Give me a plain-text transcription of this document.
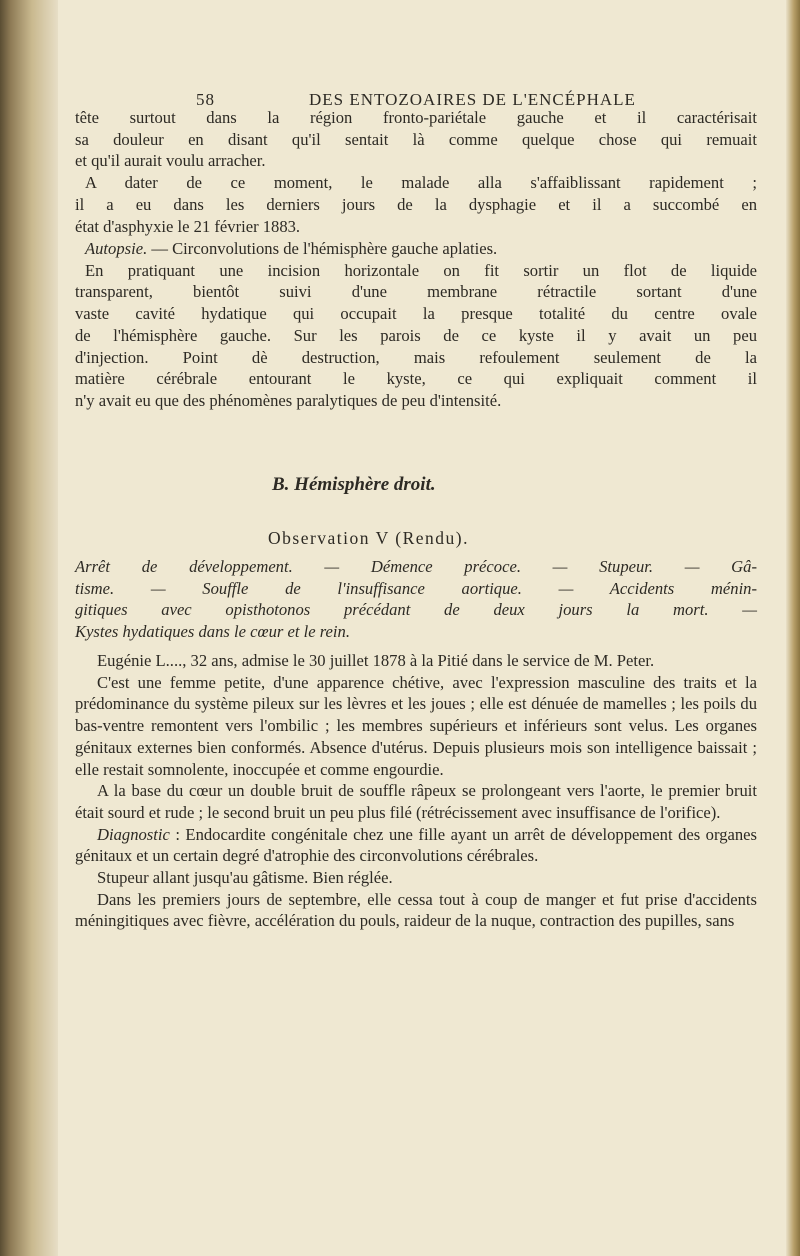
58	DES ENTOZOAIRES DE L'ENCÉPHALE
tête surtout dans la région fronto-pariétale gauche et il caractérisait
sa douleur en disant qu'il sentait là comme quelque chose qui remuait
et qu'il aurait voulu arracher.
A dater de ce moment, le malade alla s'affaiblissant rapidement ;
il a eu dans les derniers jours de la dysphagie et il a succombé en
état d'asphyxie le 21 février 1883.
Autopsie. — Circonvolutions de l'hémisphère gauche aplaties.
En pratiquant une incision horizontale on fit sortir un flot de liquide
transparent, bientôt suivi d'une membrane rétractile sortant d'une
vaste cavité hydatique qui occupait la presque totalité du centre ovale
de l'hémisphère gauche. Sur les parois de ce kyste il y avait un peu
d'injection. Point dè destruction, mais refoulement seulement de la
matière cérébrale entourant le kyste, ce qui expliquait comment il
n'y avait eu que des phénomènes paralytiques de peu d'intensité.
B. Hémisphère droit.
Observation V (Rendu).
Arrêt de développement. — Démence précoce. — Stupeur. — Gâ-
tisme. — Souffle de l'insuffisance aortique. — Accidents ménin-
gitiques avec opisthotonos précédant de deux jours la mort. —
Kystes hydatiques dans le cœur et le rein.

Eugénie L...., 32 ans, admise le 30 juillet 1878 à la Pitié dans le service de M. Peter.

C'est une femme petite, d'une apparence chétive, avec l'expression masculine des traits et la prédominance du système pileux sur les lèvres et les joues ; elle est dénuée de mamelles ; les poils du bas-ventre remontent vers l'ombilic ; les membres supérieurs et inférieurs sont velus. Les organes génitaux externes bien conformés. Absence d'utérus. Depuis plusieurs mois son intelligence baissait ; elle restait somnolente, inoccupée et comme engourdie.

A la base du cœur un double bruit de souffle râpeux se prolongeant vers l'aorte, le premier bruit était sourd et rude ; le second bruit un peu plus filé (rétrécissement avec insuffisance de l'orifice).

Diagnostic : Endocardite congénitale chez une fille ayant un arrêt de développement des organes génitaux et un certain degré d'atrophie des circonvolutions cérébrales.

Stupeur allant jusqu'au gâtisme. Bien réglée.

Dans les premiers jours de septembre, elle cessa tout à coup de manger et fut prise d'accidents méningitiques avec fièvre, accélération du pouls, raideur de la nuque, contraction des pupilles, sans
